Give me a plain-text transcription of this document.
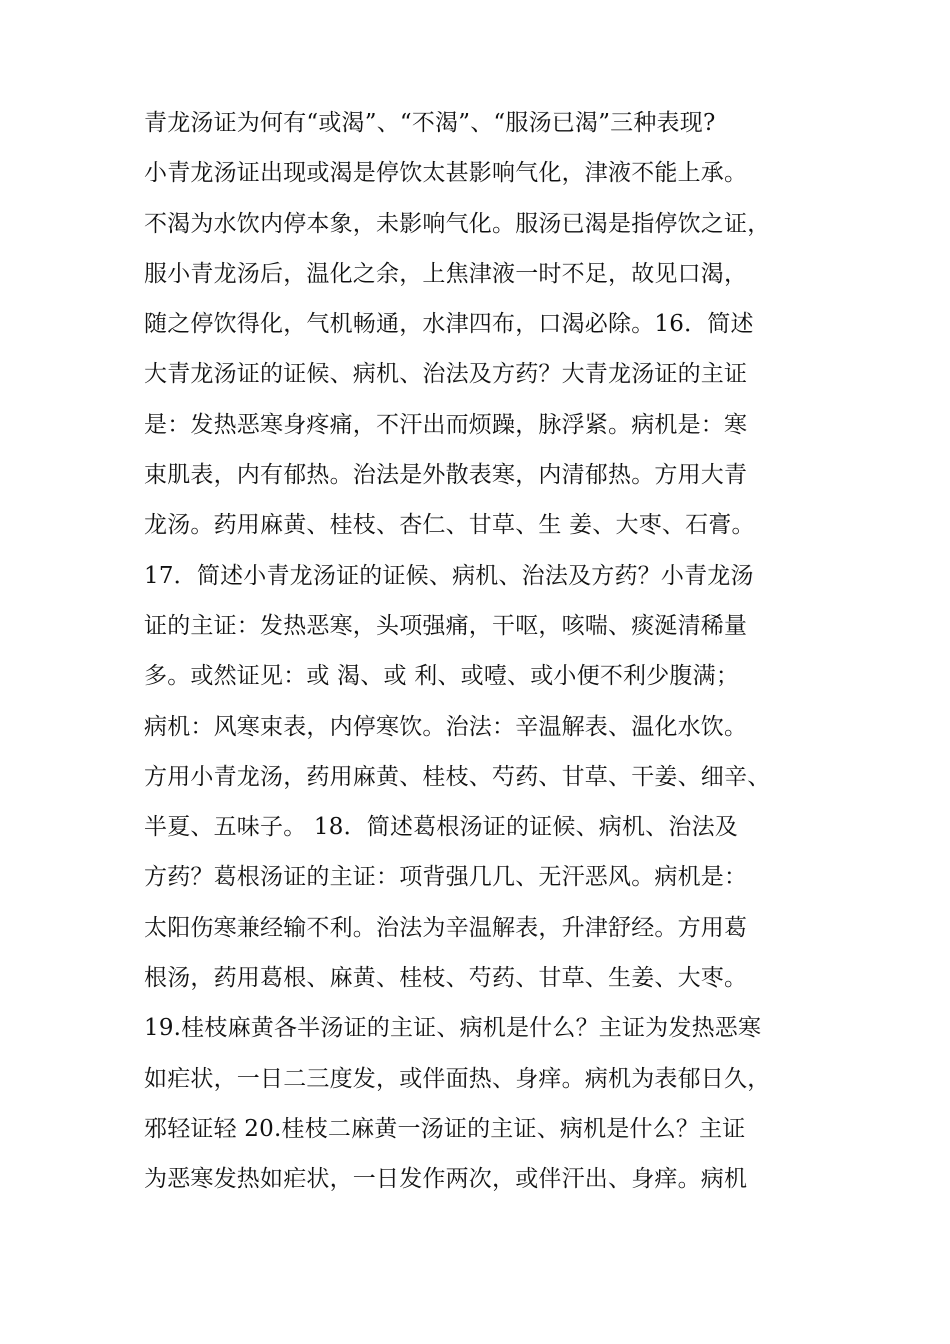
青龙汤证为何有“或渴”、“不渴”、“服汤已渴”三种表现?
小青龙汤证出现或渴是停饮太甚影响气化，津液不能上承。
不渴为水饮内停本象，未影响气化。服汤已渴是指停饮之证，
服小青龙汤后，温化之余，上焦津液一时不足，故见口渴，
随之停饮得化，气机畅通，水津四布，口渴必除。16．简述
大青龙汤证的证候、病机、治法及方药？大青龙汤证的主证
是：发热恶寒身疼痛，不汗出而烦躁，脉浮紧。病机是：寒
束肌表，内有郁热。治法是外散表寒，内清郁热。方用大青
龙汤。药用麻黄、桂枝、杏仁、甘草、生 姜、大枣、石膏。
17．简述小青龙汤证的证候、病机、治法及方药？小青龙汤
证的主证：发热恶寒，头项强痛，干呕，咳喘、痰涎清稀量
多。或然证见：或 渴、或 利、或噎、或小便不利少腹满；
病机：风寒束表，内停寒饮。治法：辛温解表、温化水饮。
方用小青龙汤，药用麻黄、桂枝、芍药、甘草、干姜、细辛、
半夏、五味子。 18．简述葛根汤证的证候、病机、治法及
方药？葛根汤证的主证：项背强几几、无汗恶风。病机是：
太阳伤寒兼经输不利。治法为辛温解表，升津舒经。方用葛
根汤，药用葛根、麻黄、桂枝、芍药、甘草、生姜、大枣。
19.桂枝麻黄各半汤证的主证、病机是什么？主证为发热恶寒
如疟状，一日二三度发，或伴面热、身痒。病机为表郁日久，
邪轻证轻 20.桂枝二麻黄一汤证的主证、病机是什么？主证
为恶寒发热如疟状，一日发作两次，或伴汗出、身痒。病机
